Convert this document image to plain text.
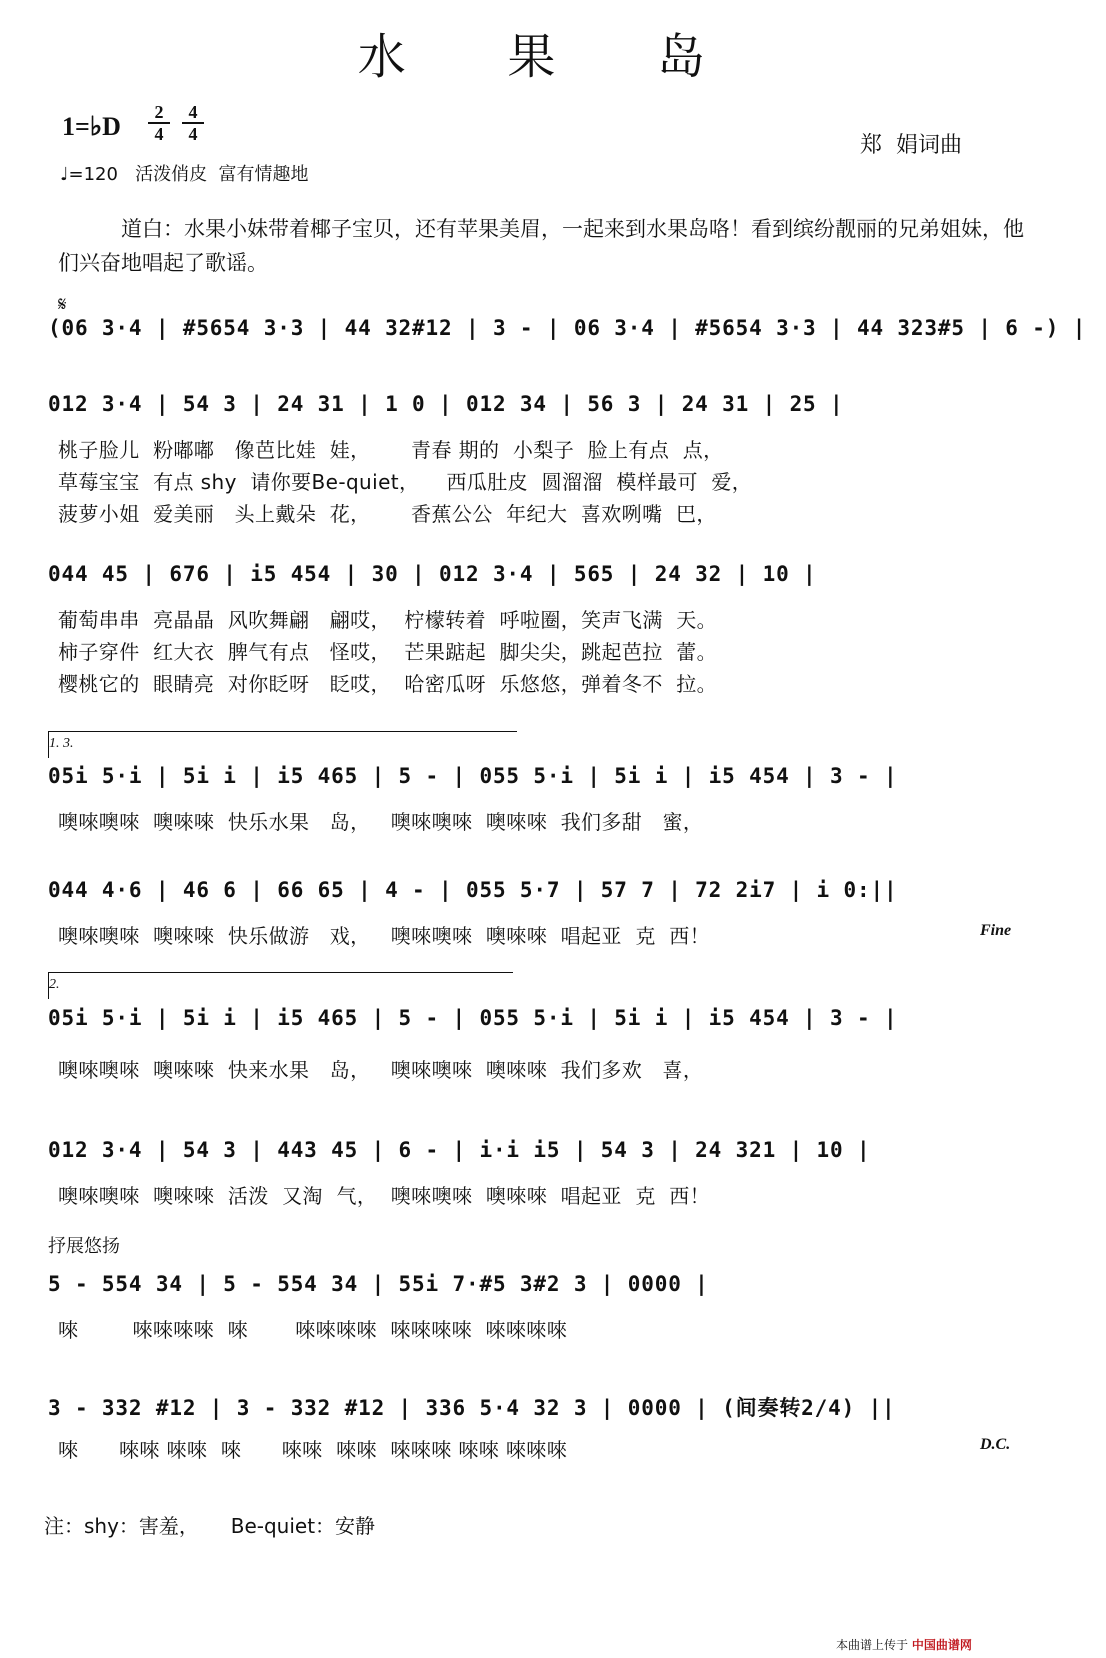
水 果 岛
1=♭D $\frac{2}{4} \frac{4}{4}$
郑  娟词曲
♩=120   活泼俏皮  富有情趣地
道白：水果小妹带着椰子宝贝，还有苹果美眉，一起来到水果岛咯！看到缤纷靓丽的兄弟姐妹，他们兴奋地唱起了歌谣。
𝄋
(06 3·4 | #5654 3·3 | 44 32#12 | 3 - | 06 3·4 | #5654 3·3 | 44 323#5 | 6 -) |
012 3·4 | 54 3 | 24 31 | 1 0 | 012 34 | 56 3 | 24 31 | 25 |
桃子脸儿  粉嘟嘟   像芭比娃  娃，      青春 期的  小梨子  脸上有点  点，
草莓宝宝  有点 shy  请你要Be-quiet，    西瓜肚皮  圆溜溜  模样最可  爱，
菠萝小姐  爱美丽   头上戴朵  花，      香蕉公公  年纪大  喜欢咧嘴  巴，
044 45 | 676 | i5 454 | 30 | 012 3·4 | 565 | 24 32 | 10 |
葡萄串串  亮晶晶  风吹舞翩   翩哎，  柠檬转着  呼啦圈，笑声飞满  天。
柿子穿件  红大衣  脾气有点   怪哎，  芒果踮起  脚尖尖，跳起芭拉  蕾。
樱桃它的  眼睛亮  对你眨呀   眨哎，  哈密瓜呀  乐悠悠，弹着冬不  拉。
1. 3.
05i 5·i | 5i i | i5 465 | 5 - | 055 5·i | 5i i | i5 454 | 3 - |
噢唻噢唻  噢唻唻  快乐水果   岛，   噢唻噢唻  噢唻唻  我们多甜   蜜，
044 4·6 | 46 6 | 66 65 | 4 - | 055 5·7 | 57 7 | 72 2i7 | i 0:||
噢唻噢唻  噢唻唻  快乐做游   戏，   噢唻噢唻  噢唻唻  唱起亚  克  西！	Fine
2.
05i 5·i | 5i i | i5 465 | 5 - | 055 5·i | 5i i | i5 454 | 3 - |
噢唻噢唻  噢唻唻  快来水果   岛，   噢唻噢唻  噢唻唻  我们多欢   喜，
012 3·4 | 54 3 | 443 45 | 6 - | i·i i5 | 54 3 | 24 321 | 10 |
噢唻噢唻  噢唻唻  活泼  又淘  气，  噢唻噢唻  噢唻唻  唱起亚  克  西！
抒展悠扬
5 - 554 34 | 5 - 554 34 | 55i 7·#5 3#2 3 | 0000 |
唻        唻唻唻唻  唻       唻唻唻唻  唻唻唻唻  唻唻唻唻
3 - 332 #12 | 3 - 332 #12 | 336 5·4 32 3 | 0000 | (间奏转2/4) ||
唻      唻唻 唻唻  唻      唻唻  唻唻  唻唻唻 唻唻 唻唻唻	D.C.
注：shy：害羞，     Be-quiet：安静
本曲谱上传于 中国曲谱网
